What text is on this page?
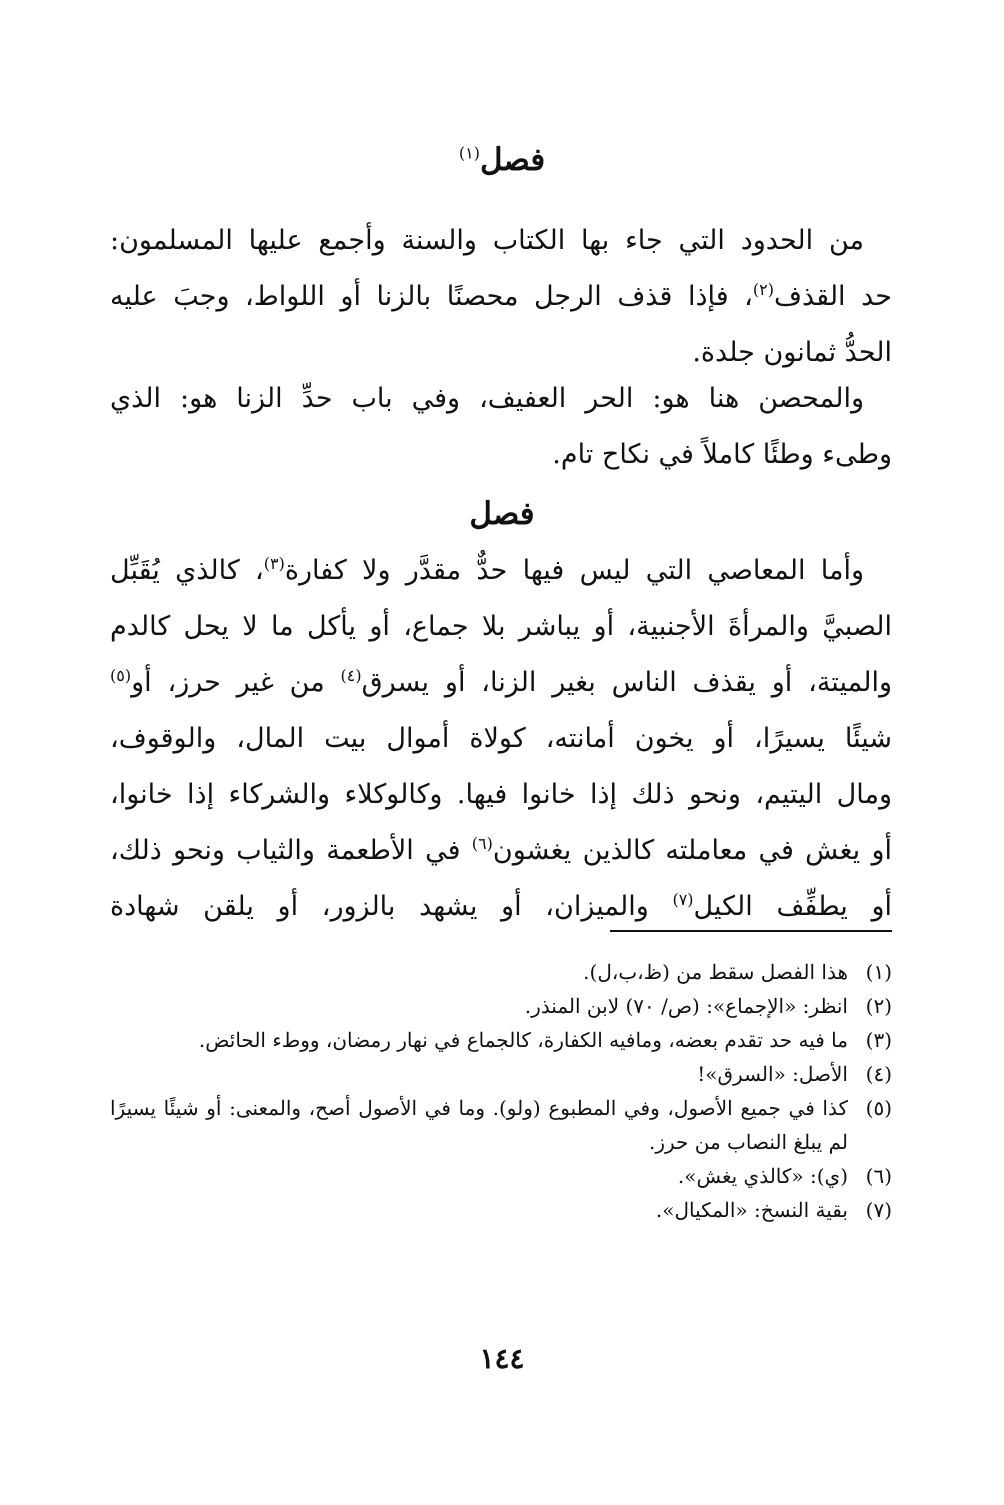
فصل$^{(١)}$
من الحدود التي جاء بها الكتاب والسنة وأجمع عليها المسلمون:
حد القذف$^{(٢)}$، فإذا قذف الرجل محصنًا بالزنا أو اللواط، وجبَ عليه
الحدُّ ثمانون جلدة.
والمحصن هنا هو: الحر العفيف، وفي باب حدِّ الزنا هو: الذي
وطىء وطئًا كاملاً في نكاح تام.
فصل
وأما المعاصي التي ليس فيها حدٌّ مقدَّر ولا كفارة$^{(٣)}$، كالذي يُقَبِّل
الصبيَّ والمرأةَ الأجنبية، أو يباشر بلا جماع، أو يأكل ما لا يحل كالدم
والميتة، أو يقذف الناس بغير الزنا، أو يسرق$^{(٤)}$ من غير حرز، أو$^{(٥)}$
شيئًا يسيرًا، أو يخون أمانته، كولاة أموال بيت المال، والوقوف،
ومال اليتيم، ونحو ذلك إذا خانوا فيها. وكالوكلاء والشركاء إذا خانوا،
أو يغش في معاملته كالذين يغشون$^{(٦)}$ في الأطعمة والثياب ونحو ذلك،
أو يطفِّف الكيل$^{(٧)}$ والميزان، أو يشهد بالزور، أو يلقن شهادة
(١)
هذا الفصل سقط من (ظ،ب،ل).
(٢)
انظر: «الإجماع»: (ص/ ٧٠) لابن المنذر.
(٣)
ما فيه حد تقدم بعضه، ومافيه الكفارة، كالجماع في نهار رمضان، ووطء الحائض.
(٤)
الأصل: «السرق»!
(٥)
كذا في جميع الأصول، وفي المطبوع (ولو). وما في الأصول أصح، والمعنى: أو شيئًا يسيرًا لم يبلغ النصاب من حرز.
(٦)
(ي): «كالذي يغش».
(٧)
بقية النسخ: «المكيال».
١٤٤
